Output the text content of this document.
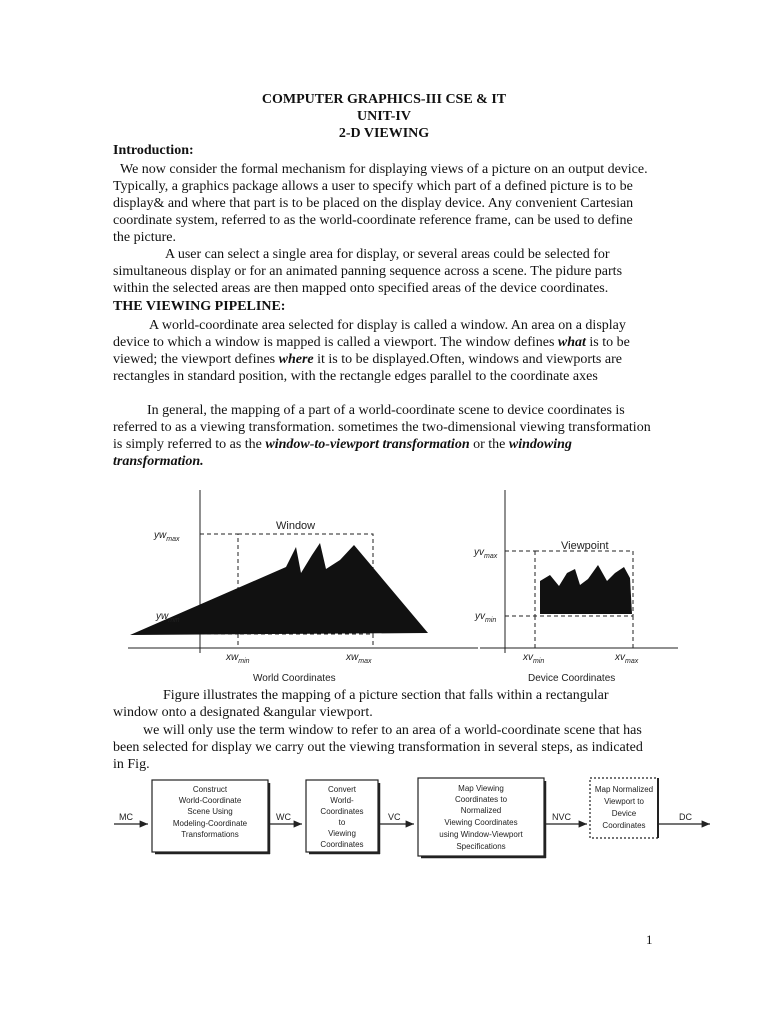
COMPUTER GRAPHICS-III CSE & IT
UNIT-IV
2-D VIEWING
Introduction:

We now consider the formal mechanism for displaying views of a picture on an output device. Typically, a graphics package allows a user to specify which part of a defined picture is to be display& and where that part is to be placed on the display device. Any convenient Cartesian coordinate system, referred to as the world-coordinate reference frame, can be used to define the picture.

A user can select a single area for display, or several areas could be selected for simultaneous display or for an animated panning sequence across a scene. The pidure parts within the selected areas are then mapped onto specified areas of the device coordinates.

THE VIEWING PIPELINE:

A world-coordinate area selected for display is called a window. An area on a display device to which a window is mapped is called a viewport. The window defines what is to be viewed; the viewport defines where it is to be displayed.Often, windows and viewports are rectangles in standard position, with the rectangle edges parallel to the coordinate axes

In general, the mapping of a part of a world-coordinate scene to device coordinates is referred to as a viewing transformation. sometimes the two-dimensional viewing transformation is simply referred to as the window-to-viewport transformation or the windowing transformation.

Window
$yw_{max}$
$yw_{min}$
$xw_{min}$	$xw_{max}$
World Coordinates
Viewpoint
$yv_{max}$
$yv_{min}$
$xv_{min}$	$xv_{max}$
Device Coordinates

Figure illustrates the mapping of a picture section that falls within a rectangular window onto a designated &angular viewport.

we will only use the term window to refer to an area of a world-coordinate scene that has been selected for display we carry out the viewing transformation in several steps, as indicated in Fig.

MC	WC	VC	NVC	DC
Construct
World-Coordinate
Scene Using
Modeling-Coordinate
Transformations
Convert
World-
Coordinates
to
Viewing
Coordinates
Map Viewing
Coordinates to
Normalized
Viewing Coordinates
using Window-Viewport
Specifications
Map Normalized
Viewport to
Device
Coordinates
1
